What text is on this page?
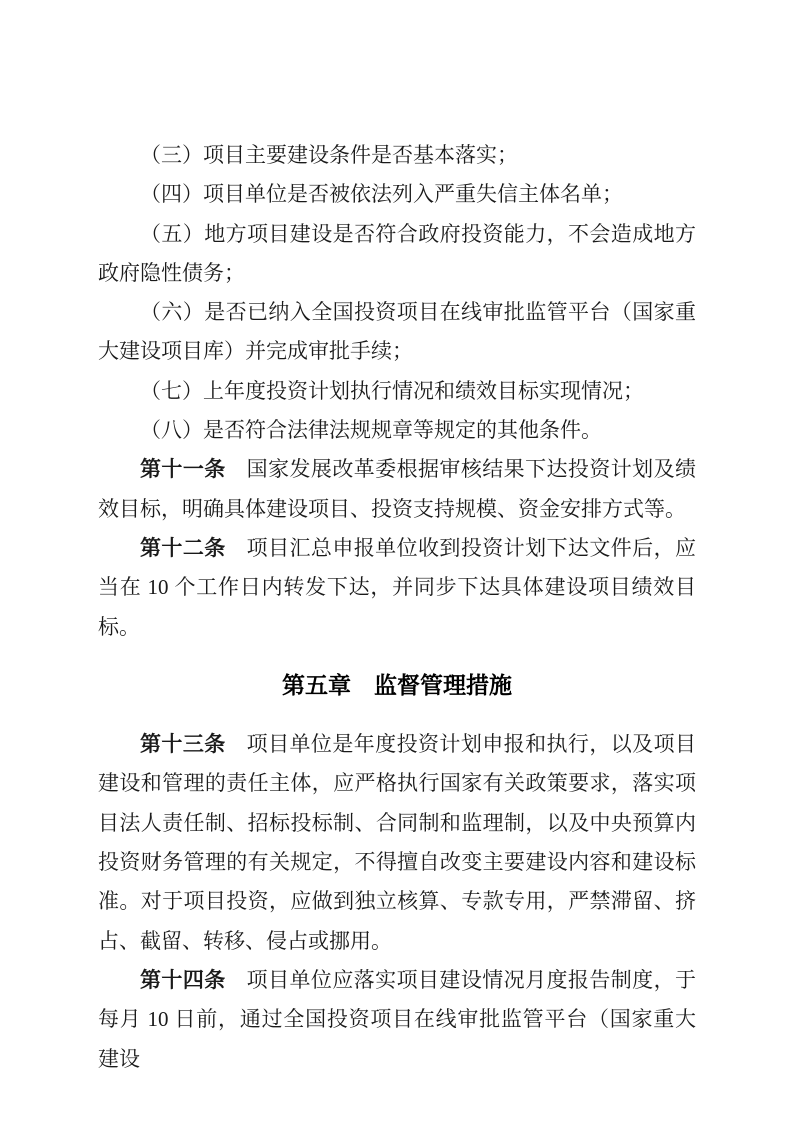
（三）项目主要建设条件是否基本落实；

（四）项目单位是否被依法列入严重失信主体名单；

（五）地方项目建设是否符合政府投资能力，不会造成地方政府隐性债务；

（六）是否已纳入全国投资项目在线审批监管平台（国家重大建设项目库）并完成审批手续；

（七）上年度投资计划执行情况和绩效目标实现情况；

（八）是否符合法律法规规章等规定的其他条件。

第十一条 国家发展改革委根据审核结果下达投资计划及绩效目标，明确具体建设项目、投资支持规模、资金安排方式等。

第十二条 项目汇总申报单位收到投资计划下达文件后，应当在 10 个工作日内转发下达，并同步下达具体建设项目绩效目标。

第五章　监督管理措施

第十三条 项目单位是年度投资计划申报和执行，以及项目建设和管理的责任主体，应严格执行国家有关政策要求，落实项目法人责任制、招标投标制、合同制和监理制，以及中央预算内投资财务管理的有关规定，不得擅自改变主要建设内容和建设标准。对于项目投资，应做到独立核算、专款专用，严禁滞留、挤占、截留、转移、侵占或挪用。

第十四条 项目单位应落实项目建设情况月度报告制度，于每月 10 日前，通过全国投资项目在线审批监管平台（国家重大建设
